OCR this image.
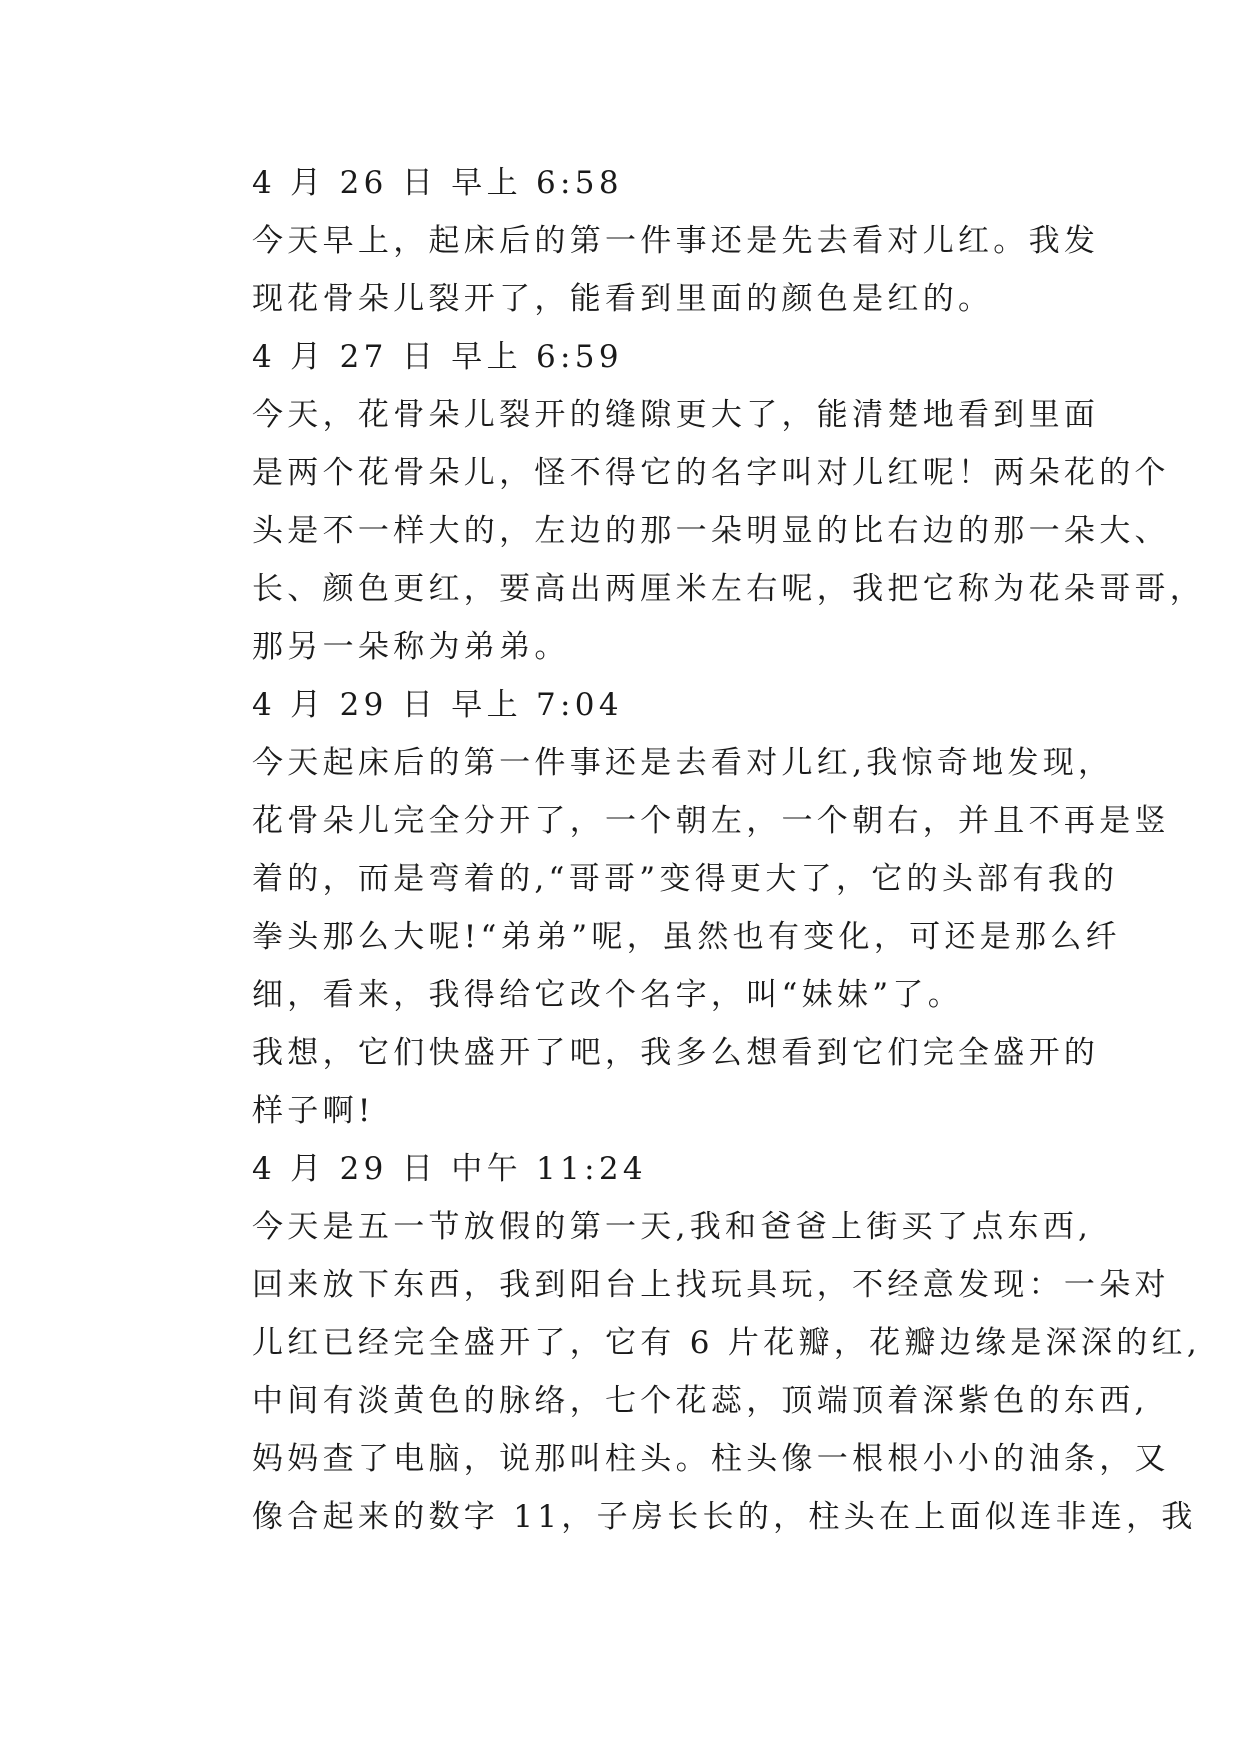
4 月 26 日 早上 6:58

今天早上，起床后的第一件事还是先去看对儿红。我发
现花骨朵儿裂开了，能看到里面的颜色是红的。

4 月 27 日 早上 6:59

今天，花骨朵儿裂开的缝隙更大了，能清楚地看到里面
是两个花骨朵儿，怪不得它的名字叫对儿红呢！两朵花的个
头是不一样大的，左边的那一朵明显的比右边的那一朵大、
长、颜色更红，要高出两厘米左右呢，我把它称为花朵哥哥，
那另一朵称为弟弟。

4 月 29 日 早上 7:04

今天起床后的第一件事还是去看对儿红,我惊奇地发现，
花骨朵儿完全分开了，一个朝左，一个朝右，并且不再是竖
着的，而是弯着的,“哥哥”变得更大了，它的头部有我的
拳头那么大呢!“弟弟”呢，虽然也有变化，可还是那么纤
细，看来，我得给它改个名字，叫“妹妹”了。

我想，它们快盛开了吧，我多么想看到它们完全盛开的
样子啊!

4 月 29 日 中午 11:24

今天是五一节放假的第一天,我和爸爸上街买了点东西,
回来放下东西，我到阳台上找玩具玩，不经意发现：一朵对
儿红已经完全盛开了，它有 6 片花瓣，花瓣边缘是深深的红,
中间有淡黄色的脉络，七个花蕊，顶端顶着深紫色的东西,
妈妈查了电脑，说那叫柱头。柱头像一根根小小的油条，又
像合起来的数字 11，子房长长的，柱头在上面似连非连，我
